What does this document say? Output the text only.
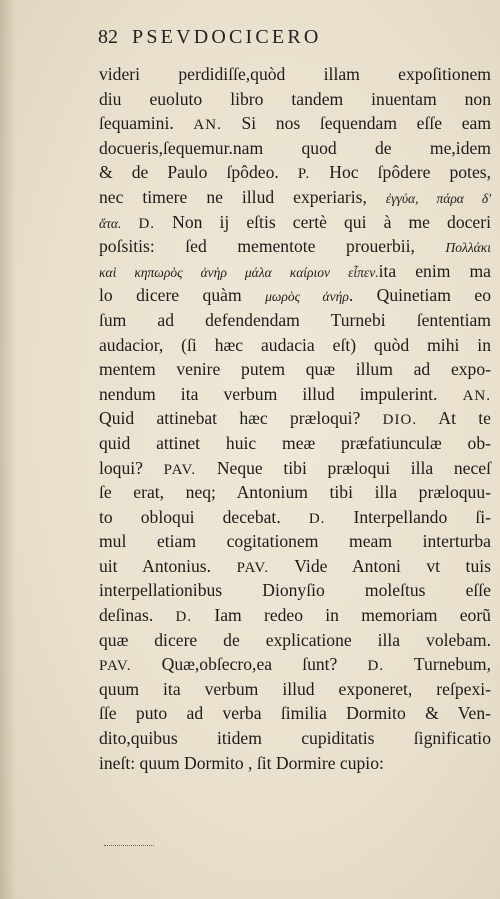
82 PSEVDOCICERO
videri perdidiſſe,quòd illam expoſitionem
diu euoluto libro tandem inuentam non
ſequamini. AN. Si nos ſequendam eſſe eam
docueris,ſequemur.nam quod de me,idem
& de Paulo ſpôdeo. P. Hoc ſpôdere potes,
nec timere ne illud experiaris, ἐγγύα, πάρα δ'
ἄτα. D. Non ij eſtis certè qui à me doceri
poſsitis: ſed mementote prouerbii, Πολλάκι
καὶ κηπωρὸς ἀνὴρ μάλα καίριον εἶπεν.ita enim ma
lo dicere quàm μωρὸς ἀνήρ. Quinetiam eo
ſum ad defendendam Turnebi ſententiam
audacior, (ſi hæc audacia eſt) quòd mihi in
mentem venire putem quæ illum ad expo-
nendum ita verbum illud impulerint. AN.
Quid attinebat hæc præloqui? DIO. At te
quid attinet huic meæ præfatiunculæ ob-
loqui? PAV. Neque tibi præloqui illa neceſ
ſe erat, neq; Antonium tibi illa præloquu-
to obloqui decebat. D. Interpellando ſi-
mul etiam cogitationem meam interturba
uit Antonius. PAV. Vide Antoni vt tuis
interpellationibus Dionyſio moleſtus eſſe
deſinas. D. Iam redeo in memoriam eorũ
quæ dicere de explicatione illa volebam.
PAV. Quæ,obſecro,ea ſunt? D. Turnebum,
quum ita verbum illud exponeret, reſpexi-
ſſe puto ad verba ſimilia Dormito & Ven-
dito,quibus itidem cupiditatis ſignificatio
ineſt: quum Dormito , ſit Dormire cupio:
